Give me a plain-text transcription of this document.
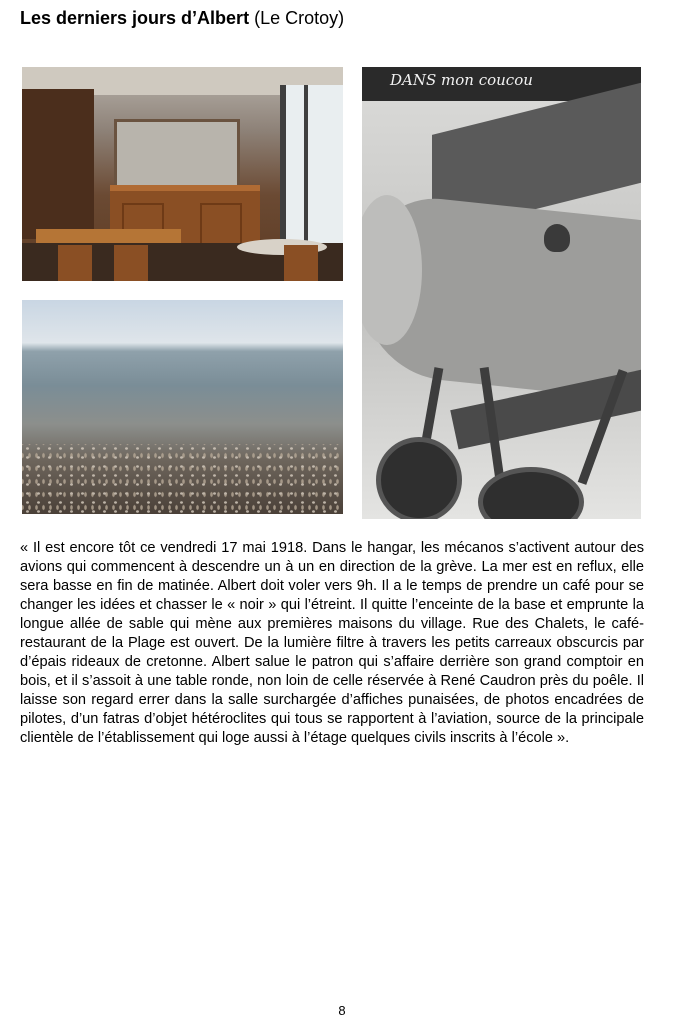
Les derniers jours d’Albert (Le Crotoy)
DANS mon coucou
« Il est encore tôt ce vendredi 17 mai 1918. Dans le hangar, les mécanos s’activent autour des avions qui commencent à descendre un à un en direction de la grève. La mer est en reflux, elle sera basse en fin de matinée. Albert doit voler vers 9h. Il a le temps de prendre un café pour se changer les idées et chasser le « noir » qui l’étreint. Il quitte l’enceinte de la base et emprunte la longue allée de sable qui mène aux premières maisons du village. Rue des Chalets, le café-restaurant de la Plage est ouvert. De la lumière filtre à travers les petits carreaux obscurcis par d’épais rideaux de cretonne. Albert salue le patron qui s’affaire derrière son grand comptoir en bois, et il s’assoit à une table ronde, non loin de celle réservée à René Caudron près du poêle. Il laisse son regard errer dans la salle surchargée d’affiches punaisées, de photos encadrées de pilotes, d’un fatras d’objet hétéroclites qui tous se rapportent à l’aviation, source de la principale clientèle de l’établissement qui loge aussi à l’étage quelques civils inscrits à l’école ».
8
